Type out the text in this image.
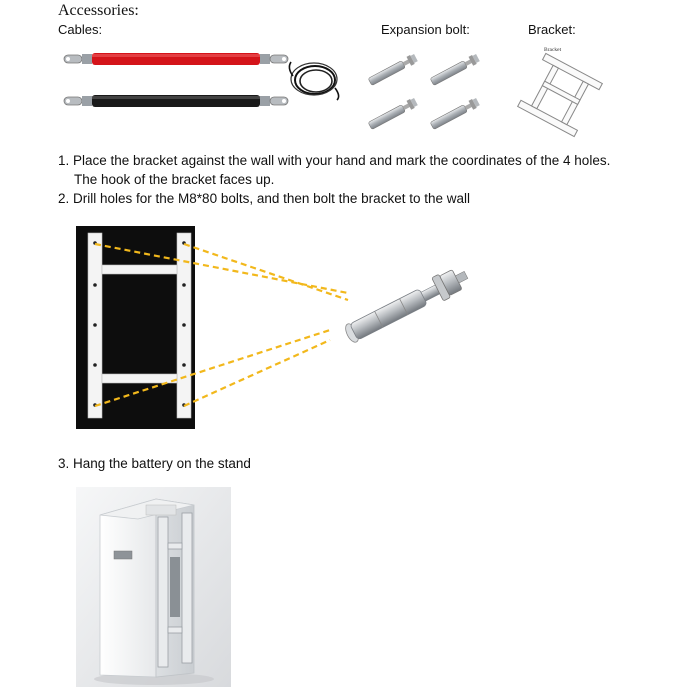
Accessories:
Cables:	Expansion bolt:	Bracket:
Bracket
1. Place the bracket against the wall with your hand and mark the coordinates of the 4 holes.
The hook of the bracket faces up.
2. Drill holes for the M8*80 bolts, and then bolt the bracket to the wall
3. Hang the battery on the stand
